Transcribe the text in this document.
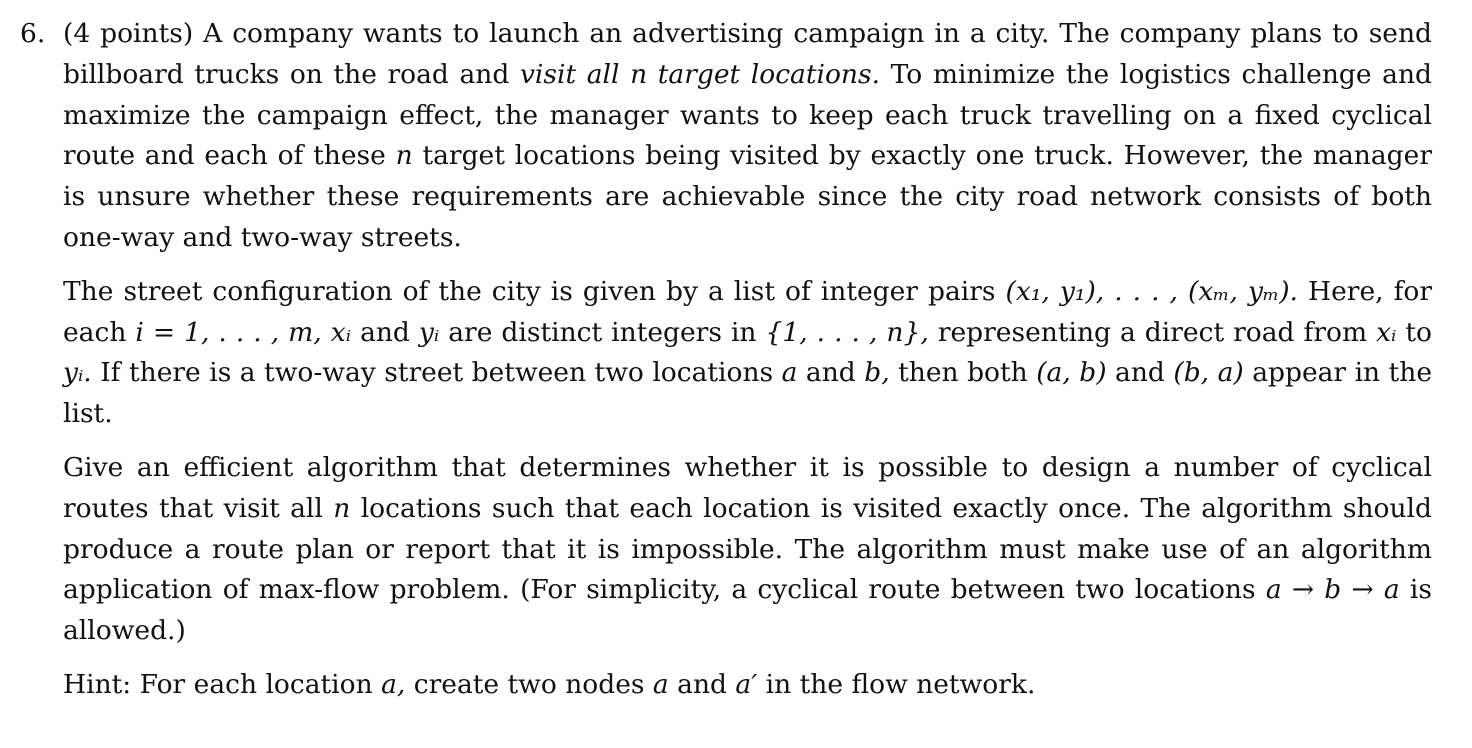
6. (4 points) A company wants to launch an advertising campaign in a city. The company plans to send billboard trucks on the road and visit all n target locations. To minimize the logistics challenge and maximize the campaign effect, the manager wants to keep each truck travelling on a fixed cyclical route and each of these n target locations being visited by exactly one truck. However, the manager is unsure whether these requirements are achievable since the city road network consists of both one-way and two-way streets.

The street configuration of the city is given by a list of integer pairs (x₁, y₁), . . . , (xₘ, yₘ). Here, for each i = 1, . . . , m, xᵢ and yᵢ are distinct integers in {1, . . . , n}, representing a direct road from xᵢ to yᵢ. If there is a two-way street between two locations a and b, then both (a, b) and (b, a) appear in the list.

Give an efficient algorithm that determines whether it is possible to design a number of cyclical routes that visit all n locations such that each location is visited exactly once. The algorithm should produce a route plan or report that it is impossible. The algorithm must make use of an algorithm application of max-flow problem. (For simplicity, a cyclical route between two locations a → b → a is allowed.)

Hint: For each location a, create two nodes a and a′ in the flow network.
